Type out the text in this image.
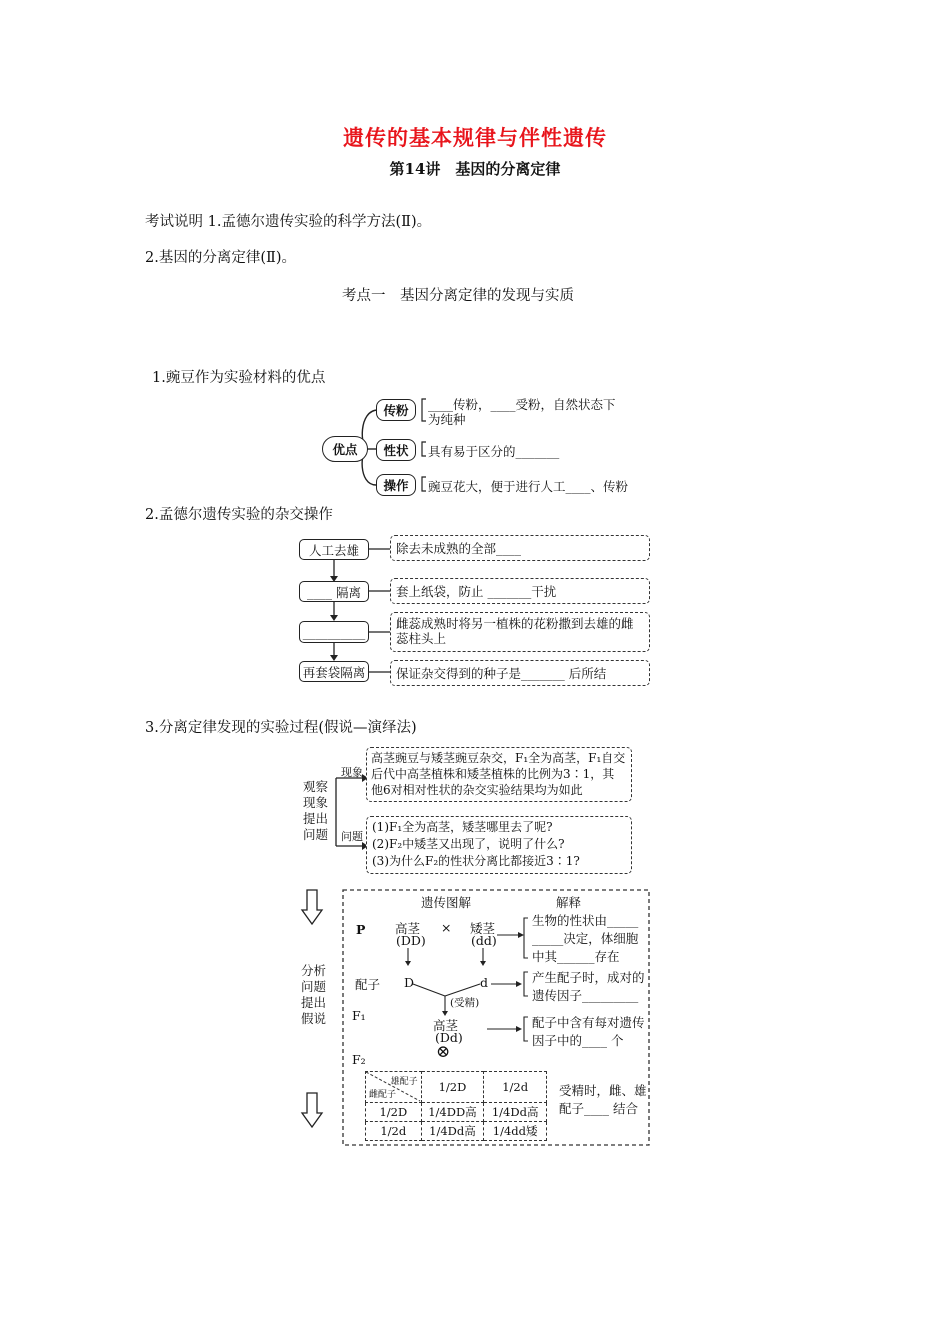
遗传的基本规律与伴性遗传
第14讲　基因的分离定律
考试说明 1.孟德尔遗传实验的科学方法(Ⅱ)。
2.基因的分离定律(Ⅱ)。
考点一　基因分离定律的发现与实质
1.豌豆作为实验材料的优点
优点
传粉
性状
操作
____传粉，____受粉，自然状态下
为纯种
具有易于区分的_______
豌豆花大，便于进行人工____、传粉
2.孟德尔遗传实验的杂交操作
人工去雄
____ 隔离
__________
再套袋隔离
除去未成熟的全部____
套上纸袋，防止 _______干扰
雌蕊成熟时将另一植株的花粉撒到去雄的雌蕊柱头上
保证杂交得到的种子是_______ 后所结
3.分离定律发现的实验过程(假说—演绎法)
观察
现象
提出
问题
现象
问题
高茎豌豆与矮茎豌豆杂交，F₁全为高茎，F₁自交
后代中高茎植株和矮茎植株的比例为3∶1，其
他6对相对性状的杂交实验结果均为如此
(1)F₁全为高茎，矮茎哪里去了呢?
(2)F₂中矮茎又出现了，说明了什么?
(3)为什么F₂的性状分离比都接近3∶1?
分析
问题
提出
假说
遗传图解	解释
P 高茎
(DD)
× 矮茎
(dd)
配子 D	d
(受精)
F₁
高茎
(Dd)
⊗
F₂
生物的性状由_____
_____决定，体细胞
中其______存在
产生配子时，成对的
遗传因子_________
配子中含有每对遗传
因子中的____ 个
受精时，雌、雄
配子____ 结合
雄配子
雌配子	1/2D	1/2d
1/2D	1/4DD高	1/4Dd高
1/2d	1/4Dd高	1/4dd矮
